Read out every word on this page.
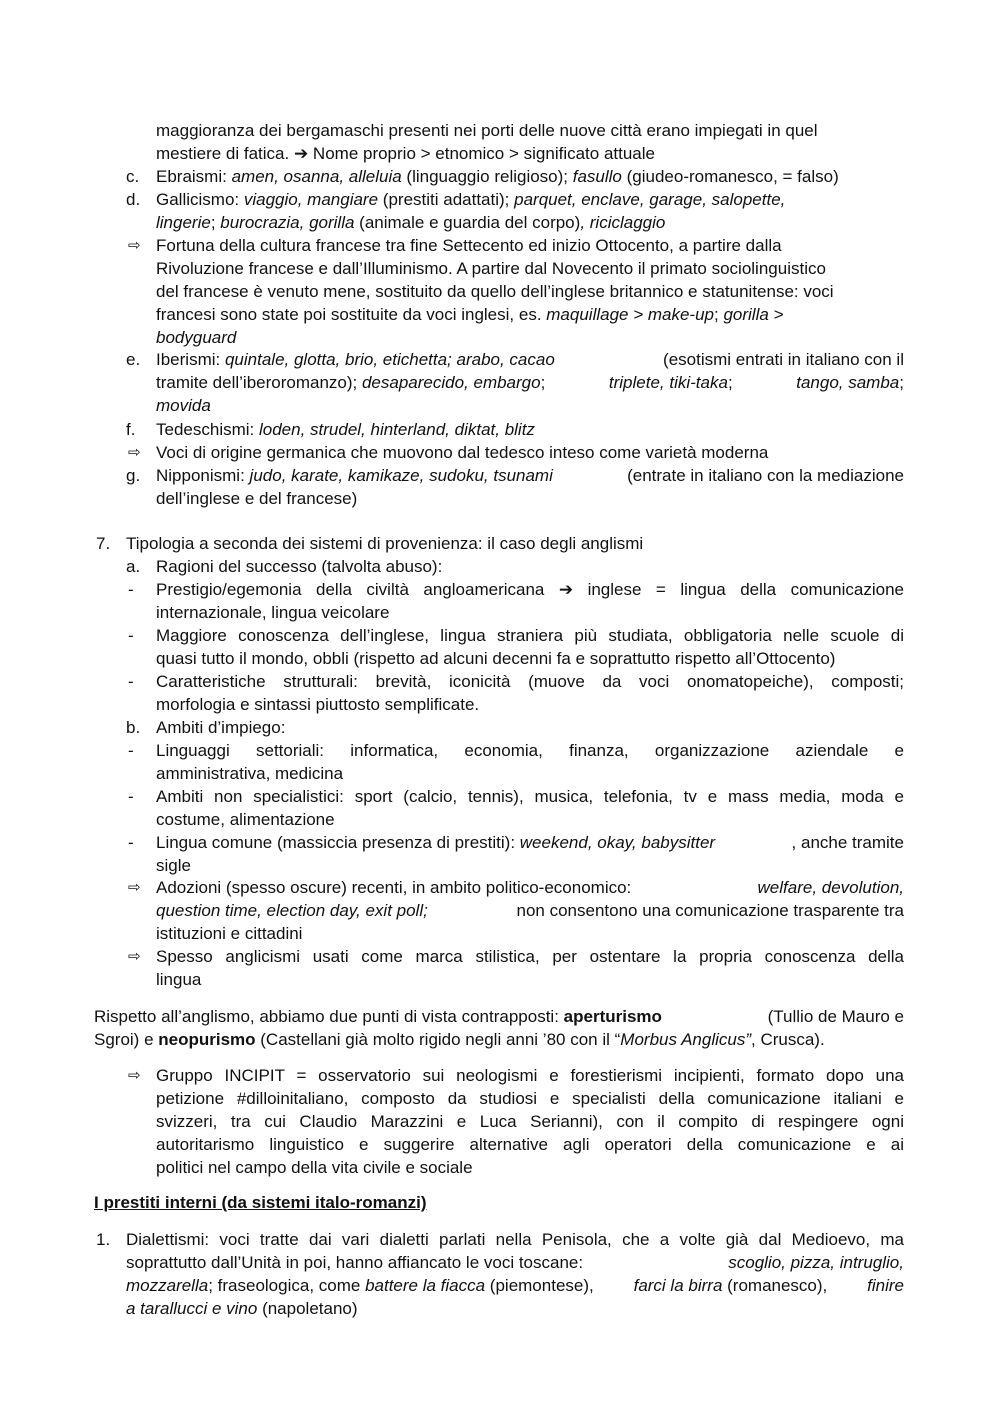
maggioranza dei bergamaschi presenti nei porti delle nuove città erano impiegati in quel
mestiere di fatica. ➔ Nome proprio > etnomico > significato attuale
c. Ebraismi: amen, osanna, alleluia (linguaggio religioso); fasullo (giudeo-romanesco, = falso)
d. Gallicismo: viaggio, mangiare (prestiti adattati); parquet, enclave, garage, salopette,
lingerie; burocrazia, gorilla (animale e guardia del corpo), riciclaggio
⇨ Fortuna della cultura francese tra fine Settecento ed inizio Ottocento, a partire dalla
Rivoluzione francese e dall’Illuminismo. A partire dal Novecento il primato sociolinguistico
del francese è venuto mene, sostituito da quello dell’inglese britannico e statunitense: voci
francesi sono state poi sostituite da voci inglesi, es. maquillage > make-up; gorilla >
bodyguard
e. Iberismi: quintale, glotta, brio, etichetta; arabo, cacao	(esotismi entrati in italiano con il
tramite dell’iberoromanzo); desaparecido, embargo;	triplete, tiki-taka;	tango, samba;
movida
f.	Tedeschismi: loden, strudel, hinterland, diktat, blitz
⇨ Voci di origine germanica che muovono dal tedesco inteso come varietà moderna
g. Nipponismi: judo, karate, kamikaze, sudoku, tsunami	(entrate in italiano con la mediazione
dell’inglese e del francese)
7. Tipologia a seconda dei sistemi di provenienza: il caso degli anglismi
a. Ragioni del successo (talvolta abuso):
-	Prestigio/egemonia della civiltà angloamericana ➔ inglese = lingua della comunicazione
internazionale, lingua veicolare
-	Maggiore conoscenza dell’inglese, lingua straniera più studiata, obbligatoria nelle scuole di
quasi tutto il mondo, obbli (rispetto ad alcuni decenni fa e soprattutto rispetto all’Ottocento)
-	Caratteristiche strutturali: brevità, iconicità (muove da voci onomatopeiche), composti;
morfologia e sintassi piuttosto semplificate.
b. Ambiti d’impiego:
-	Linguaggi settoriali: informatica, economia, finanza, organizzazione aziendale e
amministrativa, medicina
-	Ambiti non specialistici: sport (calcio, tennis), musica, telefonia, tv e mass media, moda e
costume, alimentazione
-	Lingua comune (massiccia presenza di prestiti): weekend, okay, babysitter	, anche tramite
sigle
⇨ Adozioni (spesso oscure) recenti, in ambito politico-economico:	welfare, devolution,
question time, election day, exit poll;	non consentono una comunicazione trasparente tra
istituzioni e cittadini
⇨ Spesso anglicismi usati come marca stilistica, per ostentare la propria conoscenza della
lingua
Rispetto all’anglismo, abbiamo due punti di vista contrapposti: aperturismo	(Tullio de Mauro e
Sgroi) e neopurismo (Castellani già molto rigido negli anni ’80 con il “Morbus Anglicus”, Crusca).
⇨ Gruppo INCIPIT = osservatorio sui neologismi e forestierismi incipienti, formato dopo una
petizione #dilloinitaliano, composto da studiosi e specialisti della comunicazione italiani e
svizzeri, tra cui Claudio Marazzini e Luca Serianni), con il compito di respingere ogni
autoritarismo linguistico e suggerire alternative agli operatori della comunicazione e ai
politici nel campo della vita civile e sociale
I prestiti interni (da sistemi italo-romanzi)
1. Dialettismi: voci tratte dai vari dialetti parlati nella Penisola, che a volte già dal Medioevo, ma
soprattutto dall’Unità in poi, hanno affiancato le voci toscane:	scoglio, pizza, intruglio,
mozzarella; fraseologica, come battere la fiacca (piemontese), farci la birra (romanesco), finire
a tarallucci e vino (napoletano)
